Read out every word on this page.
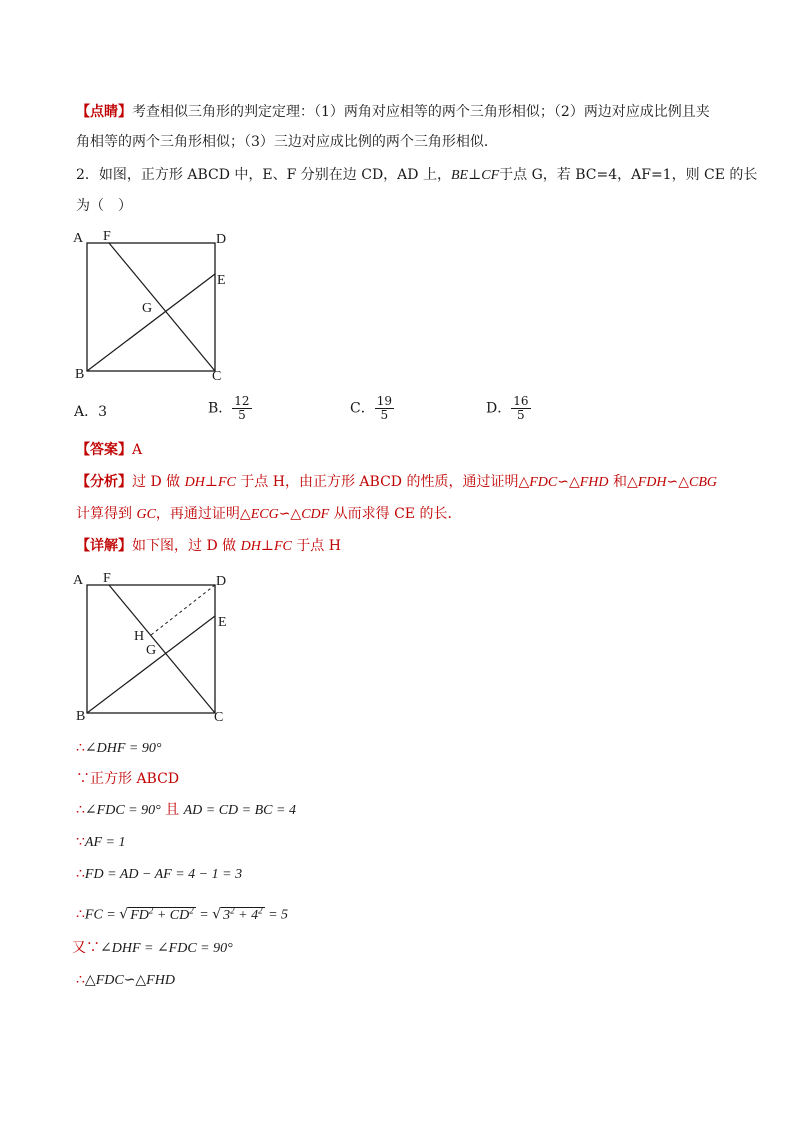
【点睛】考查相似三角形的判定定理：（1）两角对应相等的两个三角形相似；（2）两边对应成比例且夹
角相等的两个三角形相似；（3）三边对应成比例的两个三角形相似．
2．如图，正方形 ABCD 中，E、F 分别在边 CD，AD 上，BE⊥CF于点 G，若 BC=4，AF=1，则 CE 的长
为（　）
A F	D
E
G
B	C
A．3	B． $\frac{12}{5}$	C． $\frac{19}{5}$	D． $\frac{16}{5}$
【答案】A
【分析】过 D 做 DH⊥FC 于点 H，由正方形 ABCD 的性质，通过证明△FDC∽△FHD 和△FDH∽△CBG
计算得到 GC，再通过证明△ECG∽△CDF 从而求得 CE 的长．
【详解】如下图，过 D 做 DH⊥FC 于点 H
A F	D
E
H
G
B	C
∴∠DHF = 90°
∵正方形 ABCD
∴∠FDC = 90° 且 AD = CD = BC = 4
∵AF = 1
∴FD = AD − AF = 4 − 1 = 3
∴FC = √ $FD^2 + CD^2$ = √ $3^2 + 4^2 = 5$
又∵∠DHF = ∠FDC = 90°
∴△FDC∽△FHD
